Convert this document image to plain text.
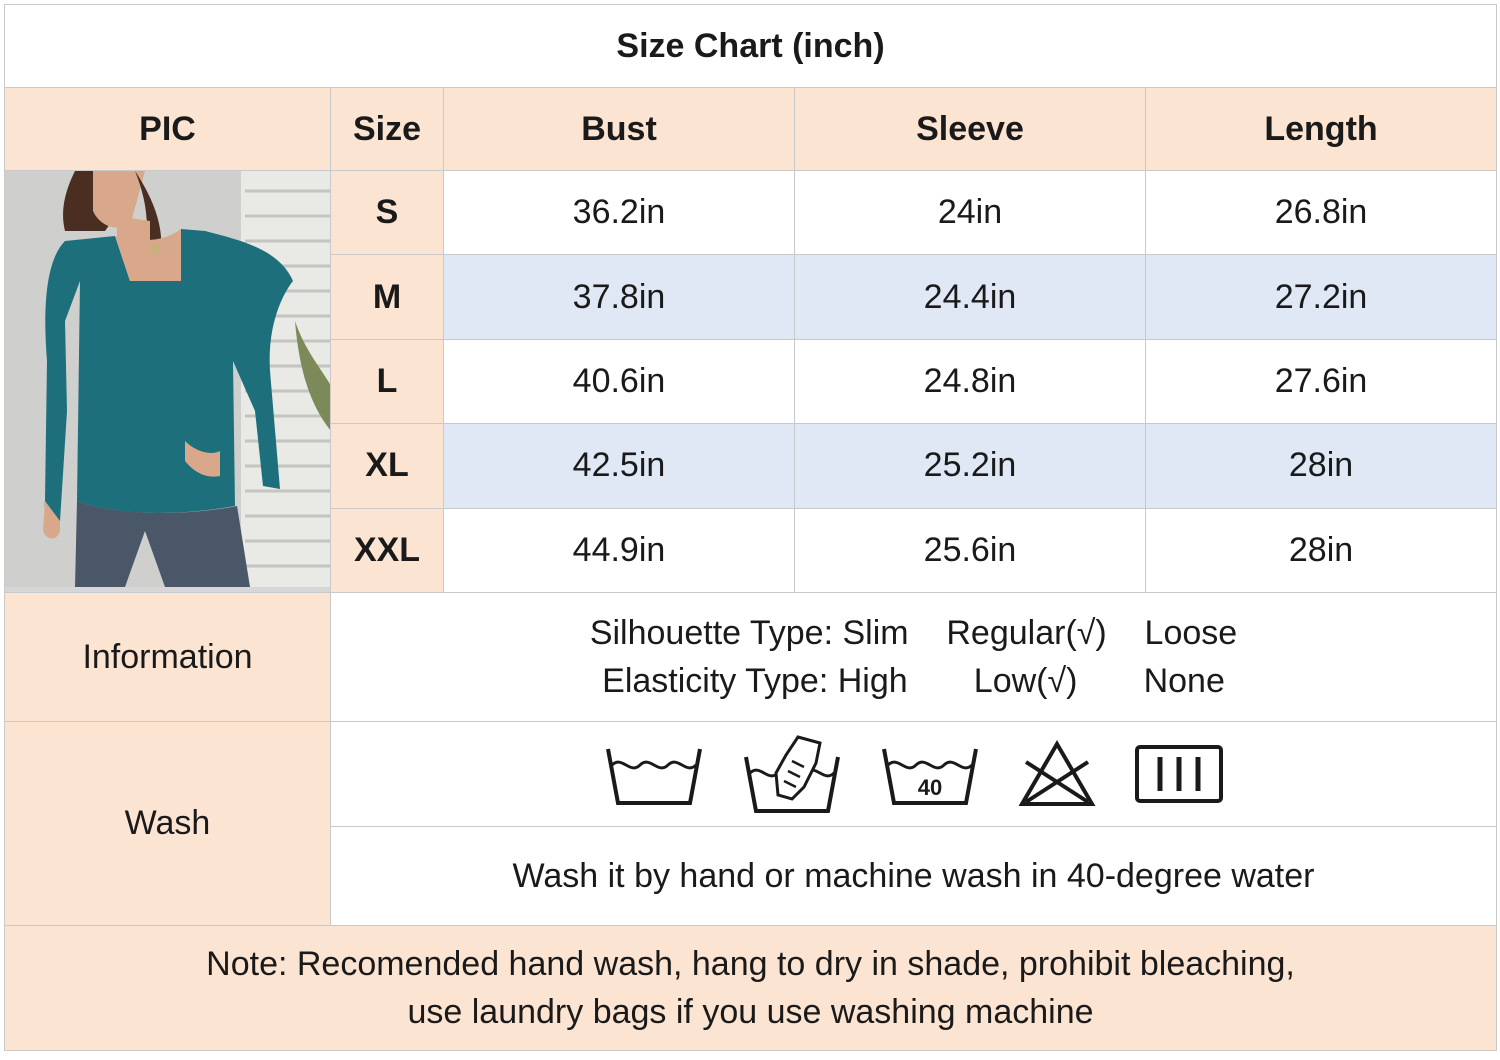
Size Chart (inch)				
PIC	Size	Bust	Sleeve	Length
	S	36.2in	24in	26.8in
	M	37.8in	24.4in	27.2in
	L	40.6in	24.8in	27.6in
	XL	42.5in	25.2in	28in
	XXL	44.9in	25.6in	28in
Information	Silhouette Type: Slim    Regular(√)    Loose
Elasticity Type: High       Low(√)       None			

Wash	40			

	Wash it by hand or machine wash in 40-degree water			

Note: Recomended hand wash, hang to dry in shade, prohibit bleaching,
use laundry bags if you use washing machine				
